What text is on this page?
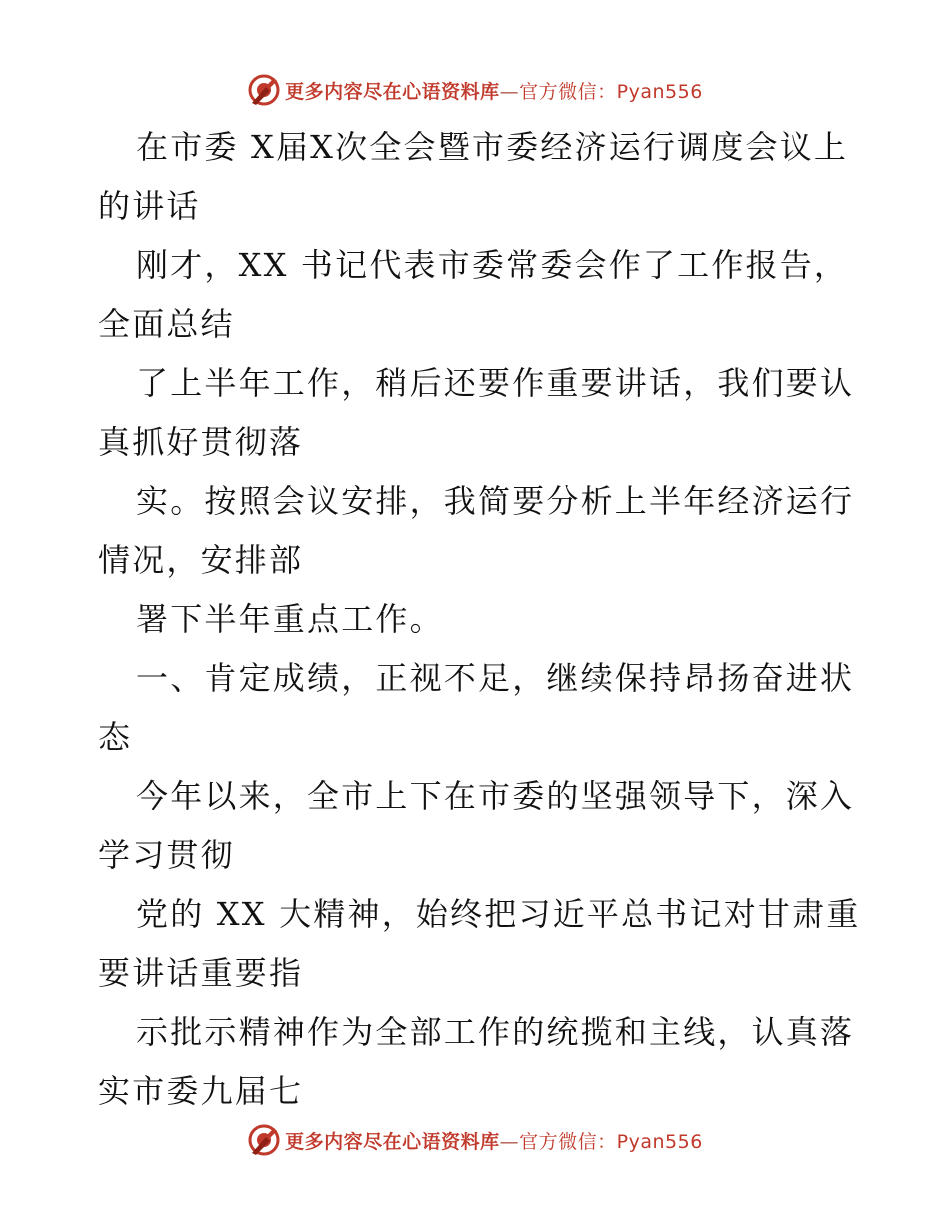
更多内容尽在心语资料库—官方微信：Pyan556

在市委 X届X次全会暨市委经济运行调度会议上的讲话

刚才，XX 书记代表市委常委会作了工作报告，全面总结

了上半年工作，稍后还要作重要讲话，我们要认真抓好贯彻落

实。按照会议安排，我简要分析上半年经济运行情况，安排部

署下半年重点工作。

一、肯定成绩，正视不足，继续保持昂扬奋进状态

今年以来，全市上下在市委的坚强领导下，深入学习贯彻

党的 XX 大精神，始终把习近平总书记对甘肃重要讲话重要指

示批示精神作为全部工作的统揽和主线，认真落实市委九届七

更多内容尽在心语资料库—官方微信：Pyan556
